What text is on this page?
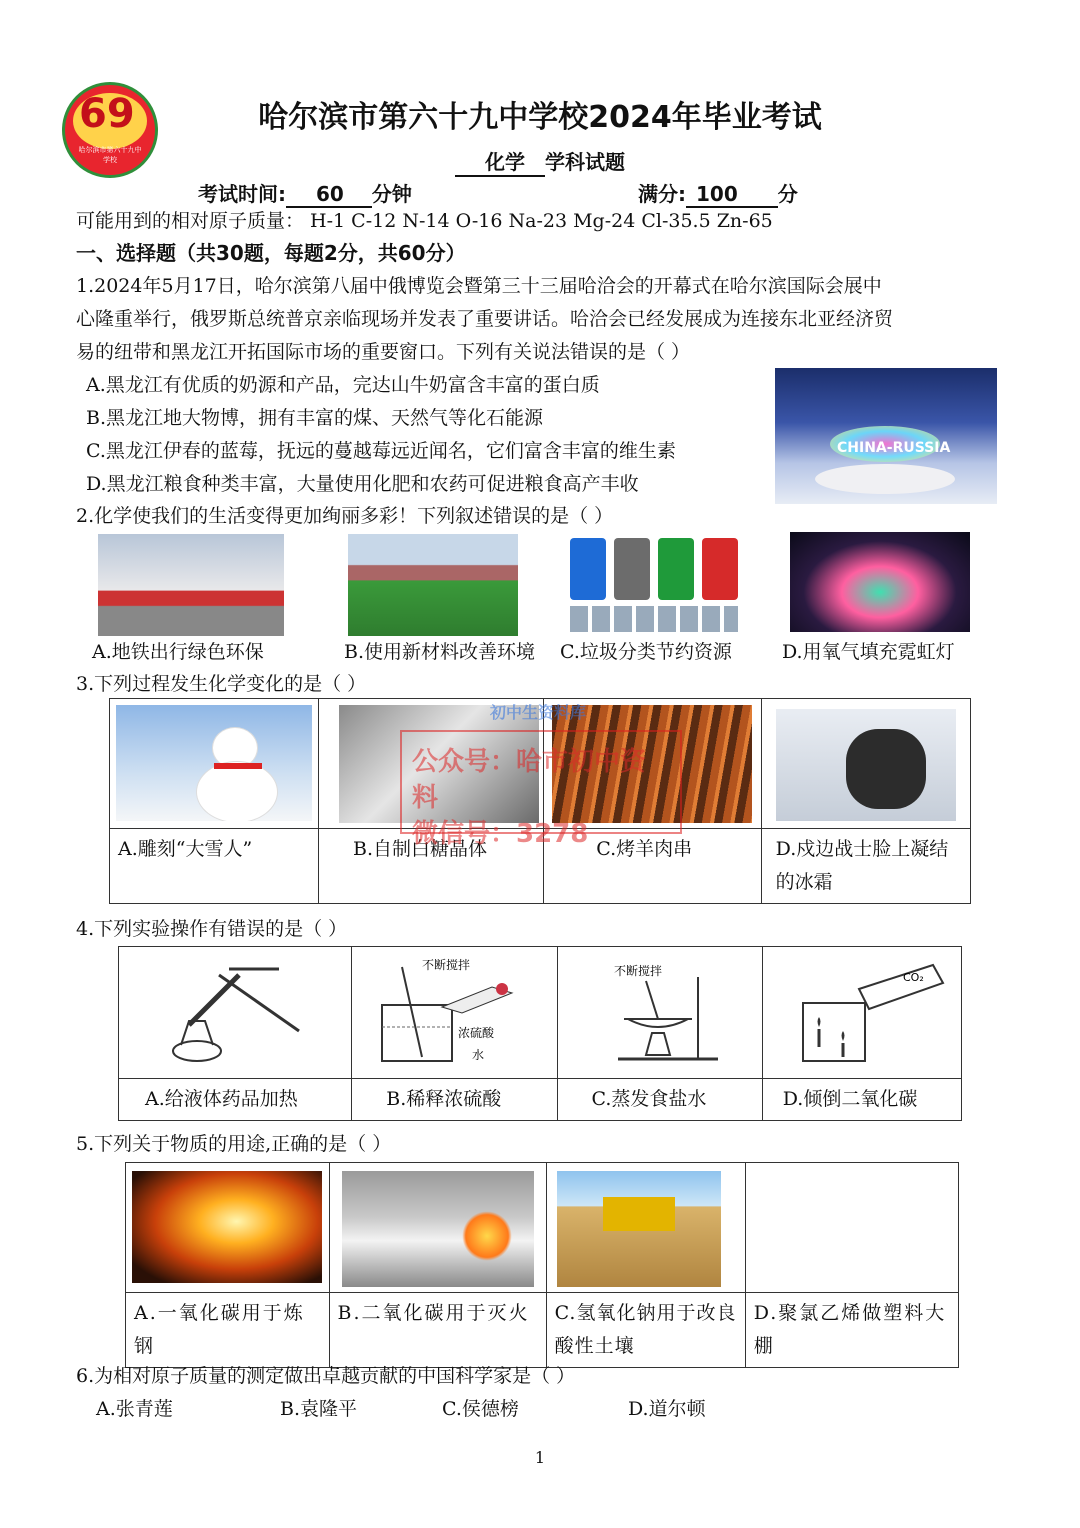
69
哈尔滨市第六十九中学校
哈尔滨市第六十九中学校2024年毕业考试
化学 学科试题
考试时间: 60 分钟	满分: 100 分
可能用到的相对原子质量： H-1 C-12 N-14 O-16 Na-23 Mg-24 Cl-35.5 Zn-65
一、选择题（共30题，每题2分，共60分）
1.2024年5月17日，哈尔滨第八届中俄博览会暨第三十三届哈洽会的开幕式在哈尔滨国际会展中
心隆重举行，俄罗斯总统普京亲临现场并发表了重要讲话。哈洽会已经发展成为连接东北亚经济贸
易的纽带和黑龙江开拓国际市场的重要窗口。下列有关说法错误的是（ ）
A.黑龙江有优质的奶源和产品，完达山牛奶富含丰富的蛋白质
B.黑龙江地大物博，拥有丰富的煤、天然气等化石能源
C.黑龙江伊春的蓝莓，抚远的蔓越莓远近闻名，它们富含丰富的维生素
D.黑龙江粮食种类丰富，大量使用化肥和农药可促进粮食高产丰收
CHINA-RUSSIA
2.化学使我们的生活变得更加绚丽多彩！下列叙述错误的是（ ）
A.地铁出行绿色环保	B.使用新材料改善环境 C.垃圾分类节约资源	D.用氧气填充霓虹灯
3.下列过程发生化学变化的是（ ）

A.雕刻“大雪人”	B.自制白糖晶体	C.烤羊肉串	D.戍边战士脸上凝结的冰霜
公众号：哈市初中资料
微信号：3278
初中生资料库
4.下列实验操作有错误的是（ ）

不断搅拌
浓硫酸
水	不断搅拌	CO₂

A.给液体药品加热	B.稀释浓硫酸	C.蒸发食盐水	D.倾倒二氧化碳
5.下列关于物质的用途,正确的是（ ）

A.一氧化碳用于炼钢	B.二氧化碳用于灭火	C.氢氧化钠用于改良酸性土壤	D.聚氯乙烯做塑料大棚
6.为相对原子质量的测定做出卓越贡献的中国科学家是（ ）
A.张青莲	B.袁隆平	C.侯德榜	D.道尔顿
1
